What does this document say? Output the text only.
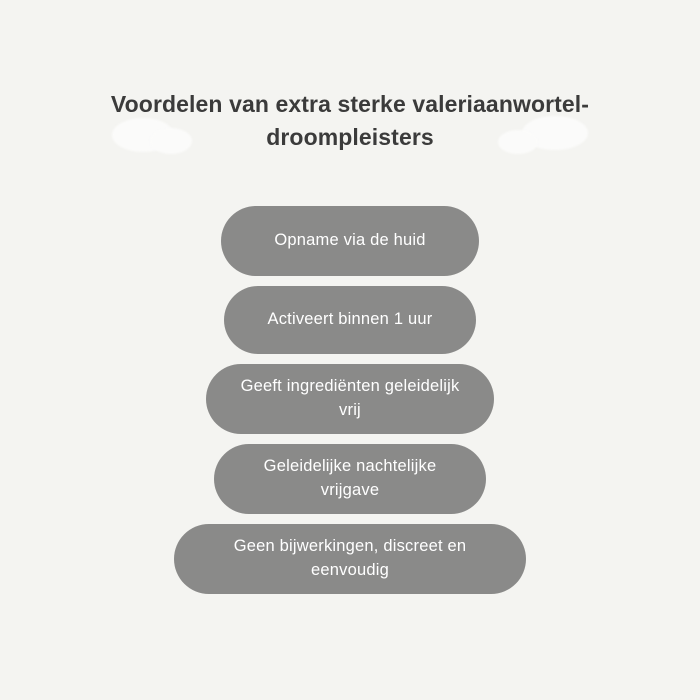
Voordelen van extra sterke valeriaanwortel-droompleisters
Opname via de huid
Activeert binnen 1 uur
Geeft ingrediënten geleidelijk vrij
Geleidelijke nachtelijke vrijgave
Geen bijwerkingen, discreet en eenvoudig
